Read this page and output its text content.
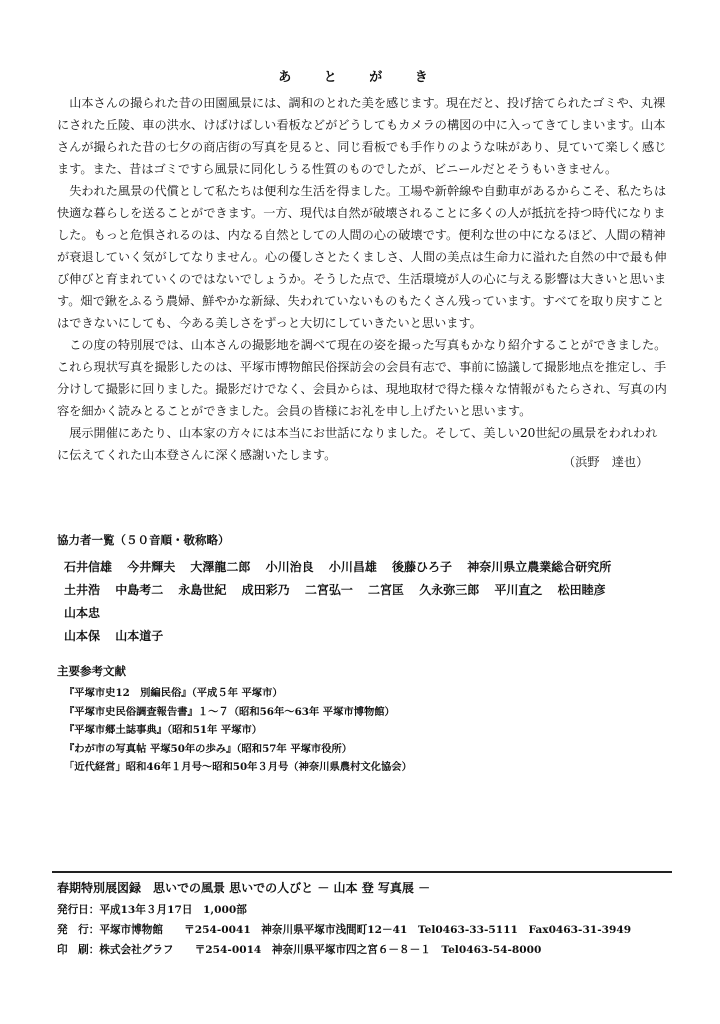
あ と が き

山本さんの撮られた昔の田園風景には、調和のとれた美を感じます。現在だと、投げ捨てられたゴミや、丸裸にされた丘陵、車の洪水、けばけばしい看板などがどうしてもカメラの構図の中に入ってきてしまいます。山本さんが撮られた昔の七夕の商店街の写真を見ると、同じ看板でも手作りのような味があり、見ていて楽しく感じます。また、昔はゴミですら風景に同化しうる性質のものでしたが、ビニールだとそうもいきません。

失われた風景の代償として私たちは便利な生活を得ました。工場や新幹線や自動車があるからこそ、私たちは快適な暮らしを送ることができます。一方、現代は自然が破壊されることに多くの人が抵抗を持つ時代になりました。もっと危惧されるのは、内なる自然としての人間の心の破壊です。便利な世の中になるほど、人間の精神が衰退していく気がしてなりません。心の優しさとたくましさ、人間の美点は生命力に溢れた自然の中で最も伸び伸びと育まれていくのではないでしょうか。そうした点で、生活環境が人の心に与える影響は大きいと思います。畑で鍬をふるう農婦、鮮やかな新緑、失われていないものもたくさん残っています。すべてを取り戻すことはできないにしても、今ある美しさをずっと大切にしていきたいと思います。

この度の特別展では、山本さんの撮影地を調べて現在の姿を撮った写真もかなり紹介することができました。これら現状写真を撮影したのは、平塚市博物館民俗探訪会の会員有志で、事前に協議して撮影地点を推定し、手分けして撮影に回りました。撮影だけでなく、会員からは、現地取材で得た様々な情報がもたらされ、写真の内容を細かく読みとることができました。会員の皆様にお礼を申し上げたいと思います。

展示開催にあたり、山本家の方々には本当にお世話になりました。そして、美しい20世紀の風景をわれわれに伝えてくれた山本登さんに深く感謝いたします。	（浜野　達也）
協力者一覧（５０音順・敬称略）
石井信雄 今井輝夫 大澤龍二郎 小川治良 小川昌雄 後藤ひろ子 神奈川県立農業総合研究所
土井浩 中島考二 永島世紀 成田彩乃 二宮弘一 二宮匡 久永弥三郎 平川直之 松田睦彦 山本忠
山本保 山本道子
主要参考文献
『平塚市史12　別編民俗』（平成５年 平塚市）
『平塚市史民俗調査報告書』１～７（昭和56年～63年 平塚市博物館）
『平塚市郷土誌事典』（昭和51年 平塚市）
『わが市の写真帖 平塚50年の歩み』（昭和57年 平塚市役所）
「近代経営」昭和46年１月号～昭和50年３月号（神奈川県農村文化協会）
春期特別展図録　思いでの風景 思いでの人びと － 山本 登 写真展 －
発行日：平成13年３月17日　1,000部
発　行：平塚市博物館　　〒254-0041　神奈川県平塚市浅間町12－41　Tel0463-33-5111　Fax0463-31-3949
印　刷：株式会社グラフ　　〒254-0014　神奈川県平塚市四之宮６－８－１　Tel0463-54-8000
